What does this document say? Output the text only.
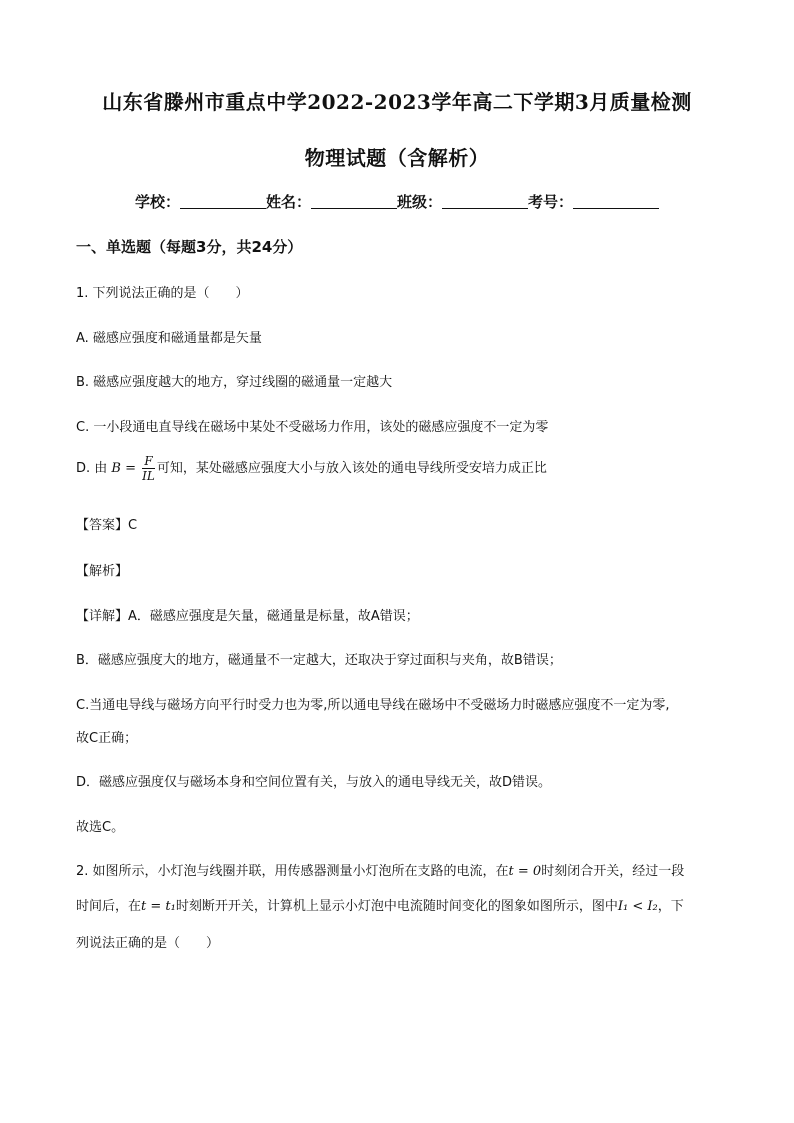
山东省滕州市重点中学2022-2023学年高二下学期3月质量检测
物理试题（含解析）
学校：	姓名：	班级：	考号：
一、单选题（每题3分，共24分）
1. 下列说法正确的是（　　）
A. 磁感应强度和磁通量都是矢量
B. 磁感应强度越大的地方，穿过线圈的磁通量一定越大
C. 一小段通电直导线在磁场中某处不受磁场力作用，该处的磁感应强度不一定为零
D. 由 $B = \frac{F}{IL}$ 可知，某处磁感应强度大小与放入该处的通电导线所受安培力成正比
【答案】C
【解析】
【详解】A．磁感应强度是矢量，磁通量是标量，故A错误；
B．磁感应强度大的地方，磁通量不一定越大，还取决于穿过面积与夹角，故B错误；
C.当通电导线与磁场方向平行时受力也为零,所以通电导线在磁场中不受磁场力时磁感应强度不一定为零,
故C正确；
D．磁感应强度仅与磁场本身和空间位置有关，与放入的通电导线无关，故D错误。
故选C。
2. 如图所示，小灯泡与线圈并联，用传感器测量小灯泡所在支路的电流，在t = 0时刻闭合开关，经过一段
时间后，在t = t₁时刻断开开关，计算机上显示小灯泡中电流随时间变化的图象如图所示，图中I₁ < I₂，下
列说法正确的是（　　）
